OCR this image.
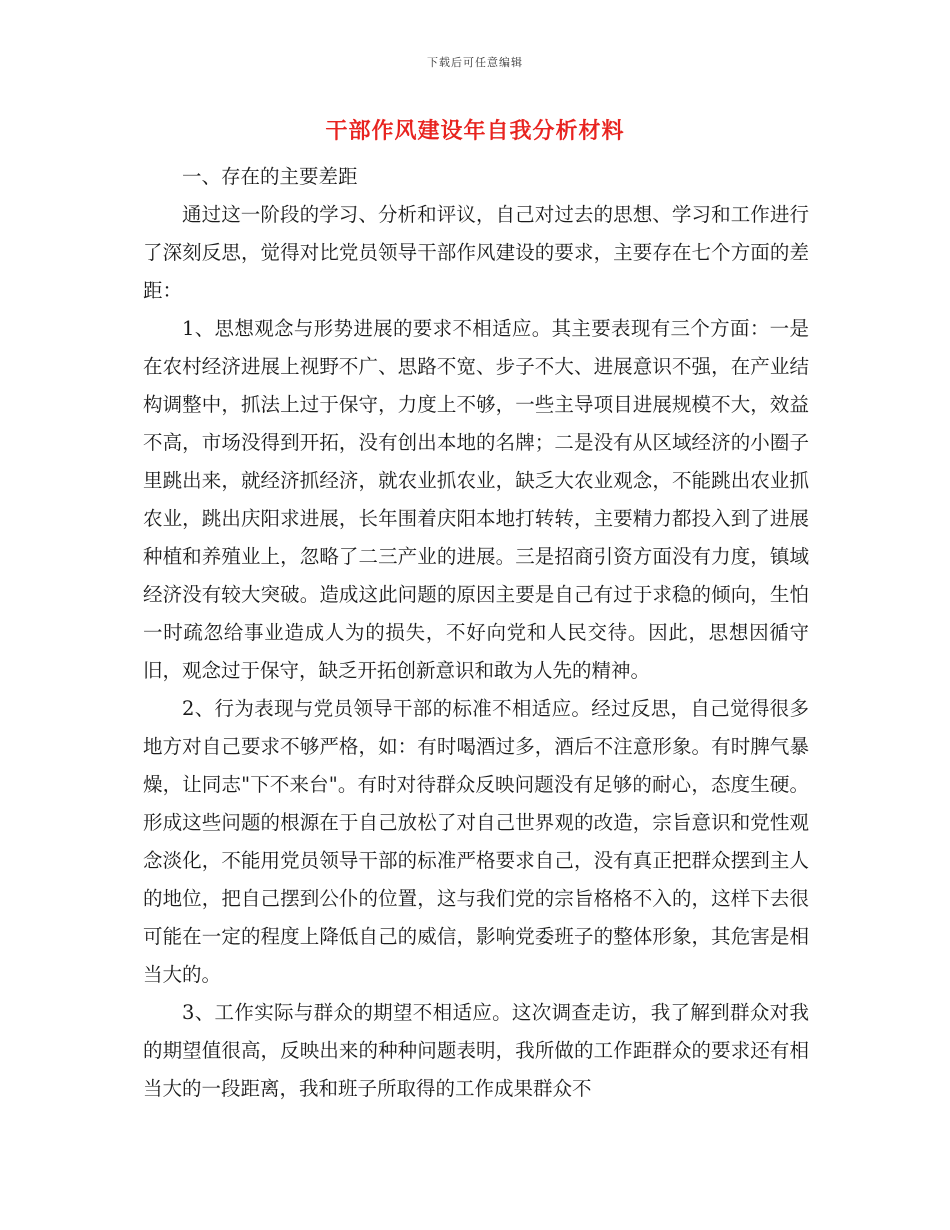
下载后可任意编辑
干部作风建设年自我分析材料

一、存在的主要差距

通过这一阶段的学习、分析和评议，自己对过去的思想、学习和工作进行了深刻反思，觉得对比党员领导干部作风建设的要求，主要存在七个方面的差距：

1、思想观念与形势进展的要求不相适应。其主要表现有三个方面：一是在农村经济进展上视野不广、思路不宽、步子不大、进展意识不强，在产业结构调整中，抓法上过于保守，力度上不够，一些主导项目进展规模不大，效益不高，市场没得到开拓，没有创出本地的名牌；二是没有从区域经济的小圈子里跳出来，就经济抓经济，就农业抓农业，缺乏大农业观念，不能跳出农业抓农业，跳出庆阳求进展，长年围着庆阳本地打转转，主要精力都投入到了进展种植和养殖业上，忽略了二三产业的进展。三是招商引资方面没有力度，镇域经济没有较大突破。造成这此问题的原因主要是自己有过于求稳的倾向，生怕一时疏忽给事业造成人为的损失，不好向党和人民交待。因此，思想因循守旧，观念过于保守，缺乏开拓创新意识和敢为人先的精神。

2、行为表现与党员领导干部的标准不相适应。经过反思，自己觉得很多地方对自己要求不够严格，如：有时喝酒过多，酒后不注意形象。有时脾气暴燥，让同志"下不来台"。有时对待群众反映问题没有足够的耐心，态度生硬。形成这些问题的根源在于自己放松了对自己世界观的改造，宗旨意识和党性观念淡化，不能用党员领导干部的标准严格要求自己，没有真正把群众摆到主人的地位，把自己摆到公仆的位置，这与我们党的宗旨格格不入的，这样下去很可能在一定的程度上降低自己的威信，影响党委班子的整体形象，其危害是相当大的。

3、工作实际与群众的期望不相适应。这次调查走访，我了解到群众对我的期望值很高，反映出来的种种问题表明，我所做的工作距群众的要求还有相当大的一段距离，我和班子所取得的工作成果群众不
